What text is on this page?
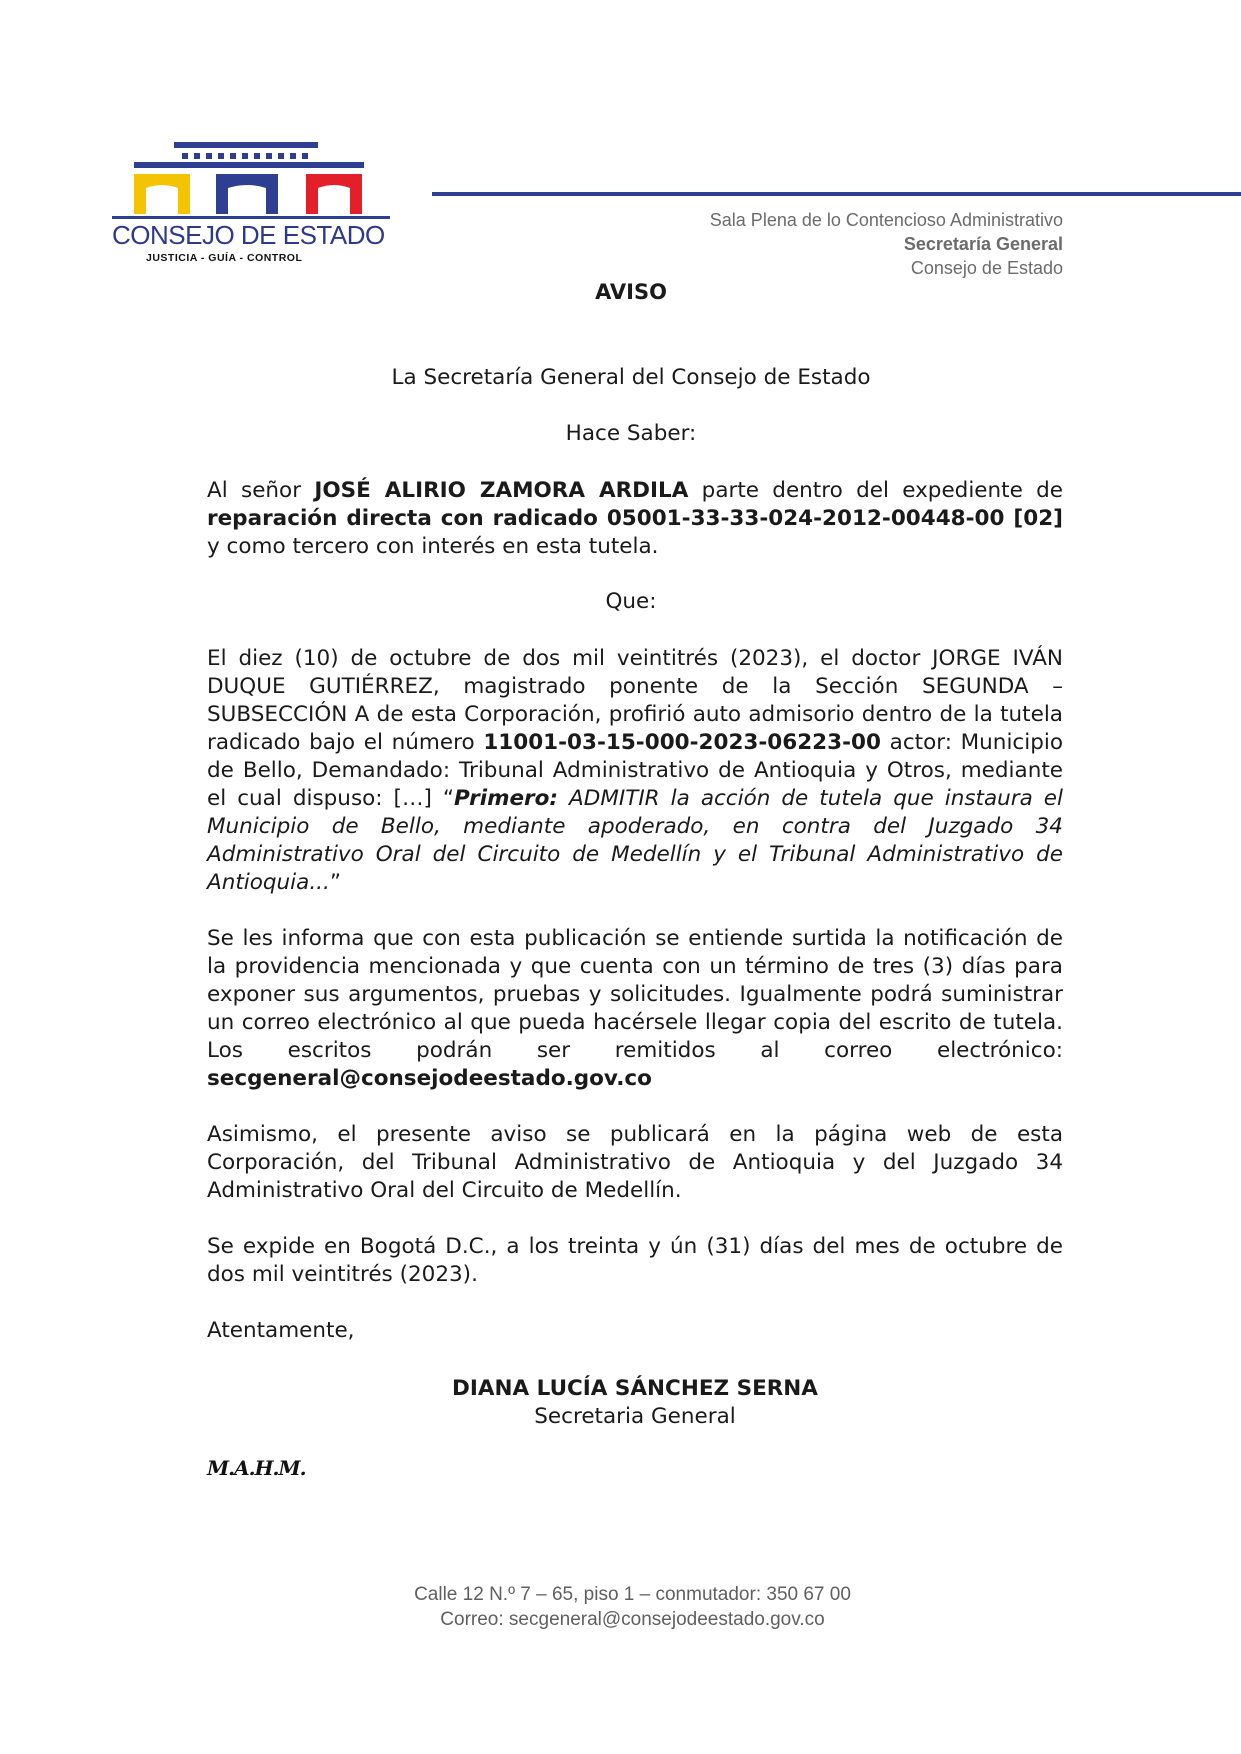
CONSEJO DE ESTADO
JUSTICIA - GUÍA - CONTROL
Sala Plena de lo Contencioso Administrativo
Secretaría General
Consejo de Estado
AVISO
La Secretaría General del Consejo de Estado
Hace Saber:
Al señor JOSÉ ALIRIO ZAMORA ARDILA parte dentro del expediente de reparación directa con radicado 05001-33-33-024-2012-00448-00 [02] y como tercero con interés en esta tutela.
Que:
El diez (10) de octubre de dos mil veintitrés (2023), el doctor JORGE IVÁN DUQUE GUTIÉRREZ, magistrado ponente de la Sección SEGUNDA – SUBSECCIÓN A de esta Corporación, profirió auto admisorio dentro de la tutela radicado bajo el número 11001-03-15-000-2023-06223-00 actor: Municipio de Bello, Demandado: Tribunal Administrativo de Antioquia y Otros, mediante el cual dispuso: […] “Primero: ADMITIR la acción de tutela que instaura el Municipio de Bello, mediante apoderado, en contra del Juzgado 34 Administrativo Oral del Circuito de Medellín y el Tribunal Administrativo de Antioquia...”
Se les informa que con esta publicación se entiende surtida la notificación de la providencia mencionada y que cuenta con un término de tres (3) días para exponer sus argumentos, pruebas y solicitudes. Igualmente podrá suministrar un correo electrónico al que pueda hacérsele llegar copia del escrito de tutela. Los escritos podrán ser remitidos al correo electrónico: secgeneral@consejodeestado.gov.co
Asimismo, el presente aviso se publicará en la página web de esta Corporación, del Tribunal Administrativo de Antioquia y del Juzgado 34 Administrativo Oral del Circuito de Medellín.
Se expide en Bogotá D.C., a los treinta y ún (31) días del mes de octubre de dos mil veintitrés (2023).
Atentamente,
DIANA LUCÍA SÁNCHEZ SERNA
Secretaria General
M.A.H.M.
Calle 12 N.º 7 – 65, piso 1 – conmutador: 350 67 00
Correo: secgeneral@consejodeestado.gov.co
